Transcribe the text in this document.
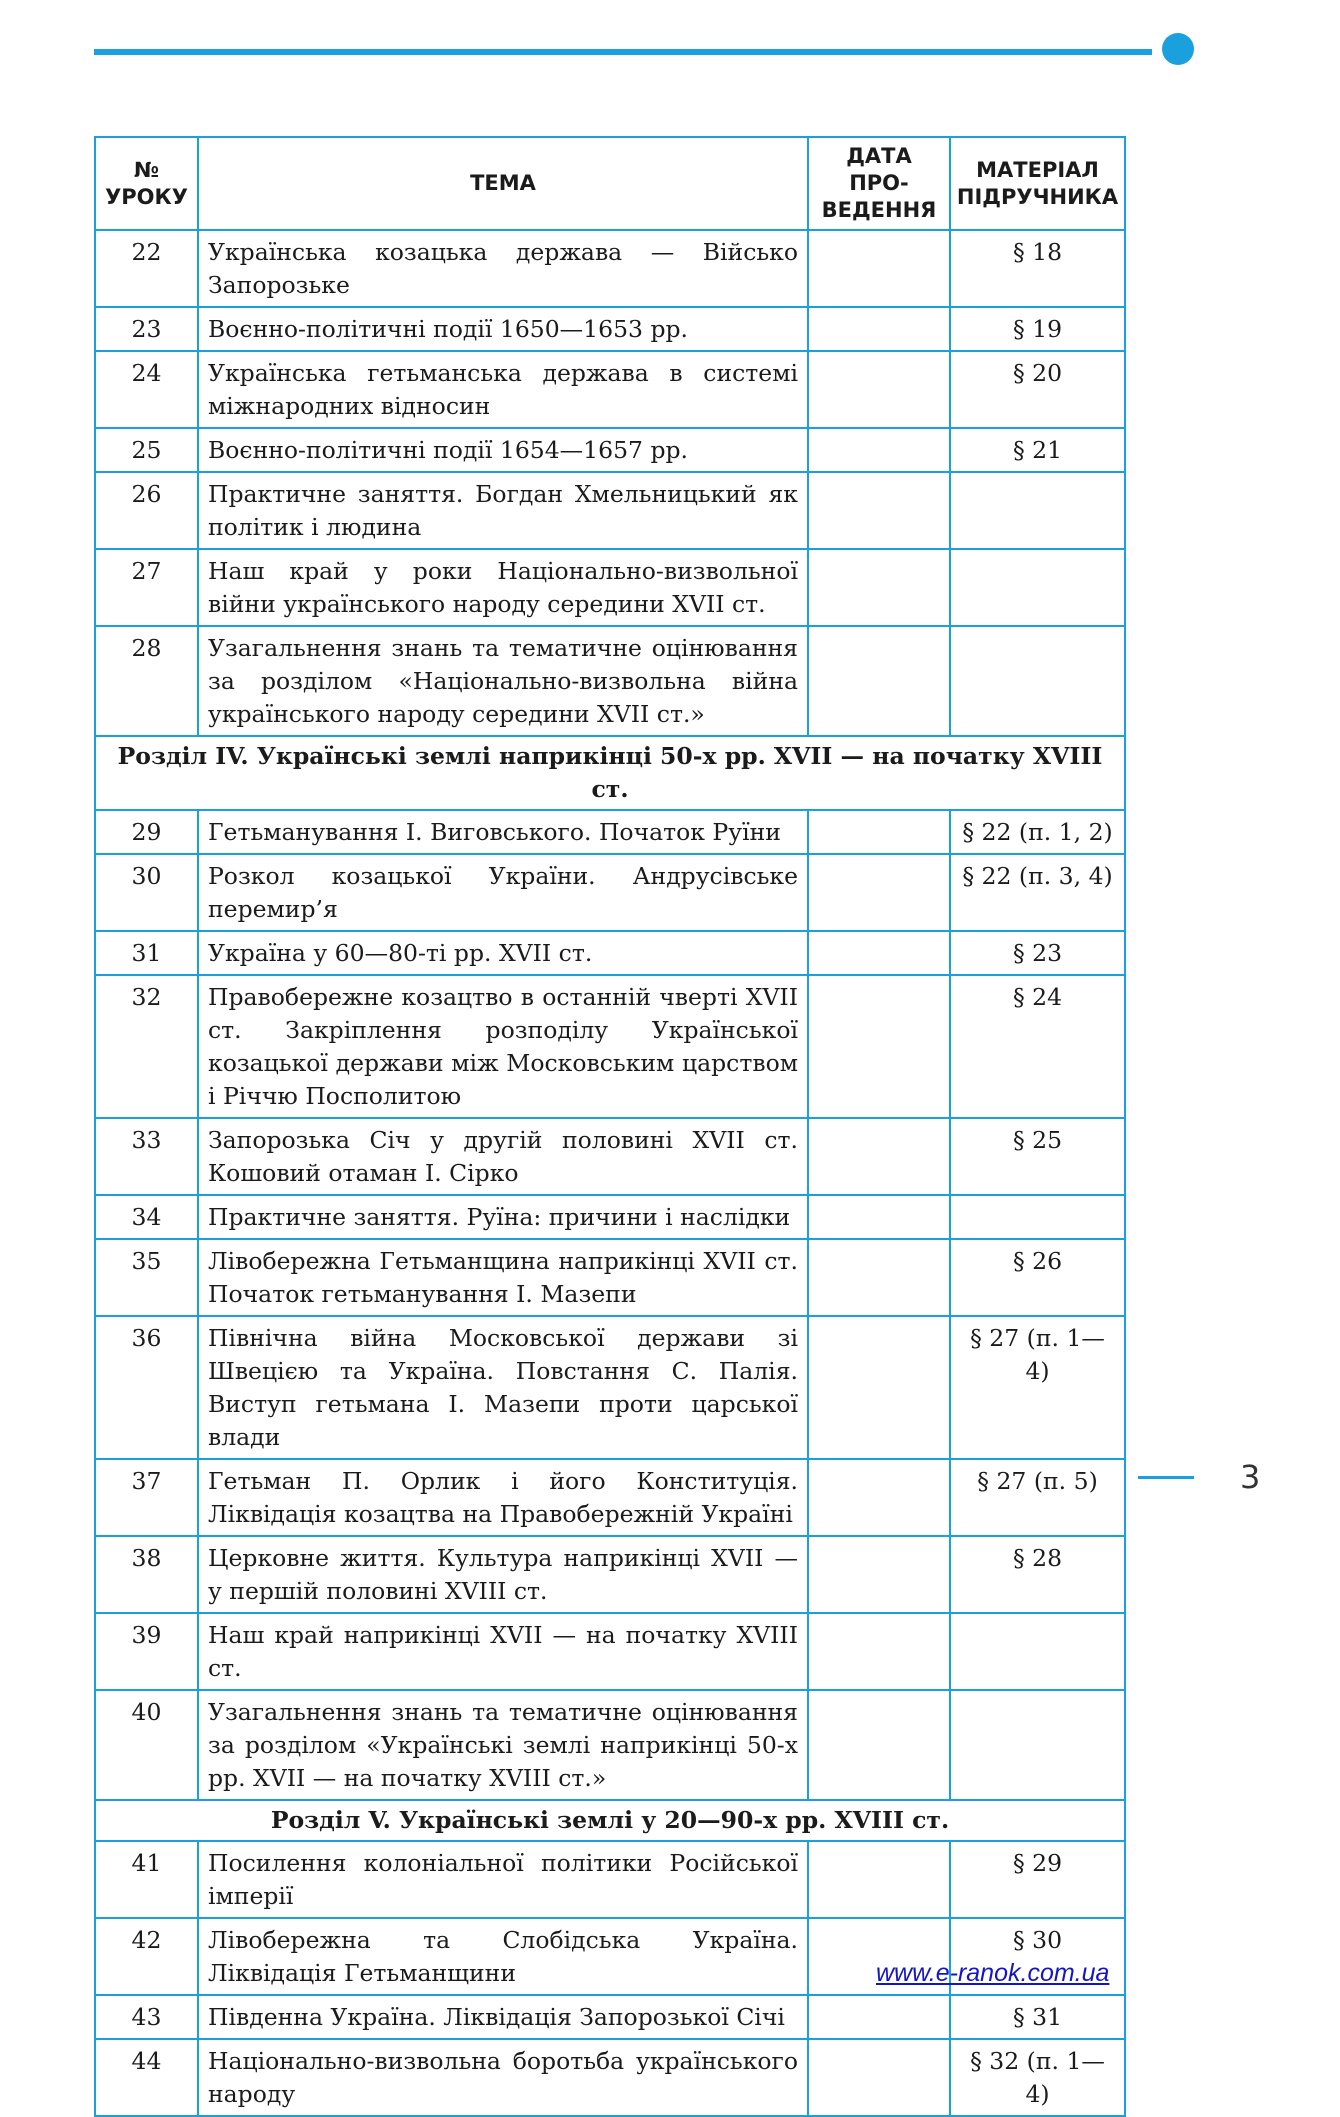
№ УРОКУ	ТЕМА	ДАТА ПРОВЕДЕННЯ	МАТЕРІАЛ ПІДРУЧНИКА
22	Українська козацька держава — Військо Запорозьке		§ 18
23	Воєнно-політичні події 1650—1653 рр.		§ 19
24	Українська гетьманська держава в системі міжнародних відносин		§ 20
25	Воєнно-політичні події 1654—1657 рр.		§ 21
26	Практичне заняття. Богдан Хмельницький як політик і людина		
27	Наш край у роки Національно-визвольної війни українського народу середини XVII ст.		
28	Узагальнення знань та тематичне оцінювання за розділом «Національно-визвольна війна українського народу середини XVII ст.»		
Розділ IV. Українські землі наприкінці 50-х рр. XVII — на початку XVIII ст.			
29	Гетьманування І. Виговського. Початок Руїни		§ 22 (п. 1, 2)
30	Розкол козацької України. Андрусівське перемир’я		§ 22 (п. 3, 4)
31	Україна у 60—80-ті рр. XVII ст.		§ 23
32	Правобережне козацтво в останній чверті XVII ст. Закріплення розподілу Української козацької держави між Московським царством і Річчю Посполитою		§ 24
33	Запорозька Січ у другій половині XVII ст. Кошовий отаман І. Сірко		§ 25
34	Практичне заняття. Руїна: причини і наслідки		
35	Лівобережна Гетьманщина наприкінці XVII ст. Початок гетьманування І. Мазепи		§ 26
36	Північна війна Московської держави зі Швецією та Україна. Повстання С. Палія. Виступ гетьмана І. Мазепи проти царської влади		§ 27 (п. 1—4)
37	Гетьман П. Орлик і його Конституція. Ліквідація козацтва на Правобережній Україні		§ 27 (п. 5)
38	Церковне життя. Культура наприкінці XVII — у першій половині XVIII ст.		§ 28
39	Наш край наприкінці XVII — на початку XVIII ст.		
40	Узагальнення знань та тематичне оцінювання за розділом «Українські землі наприкінці 50-х рр. XVII — на початку XVIII ст.»		
Розділ V. Українські землі у 20—90-х рр. XVIII ст.			
41	Посилення колоніальної політики Російської імперії		§ 29
42	Лівобережна та Слобідська Україна. Ліквідація Гетьманщини		§ 30
43	Південна Україна. Ліквідація Запорозької Січі		§ 31
44	Національно-визвольна боротьба українського народу		§ 32 (п. 1—4)
3
www.e-ranok.com.ua
